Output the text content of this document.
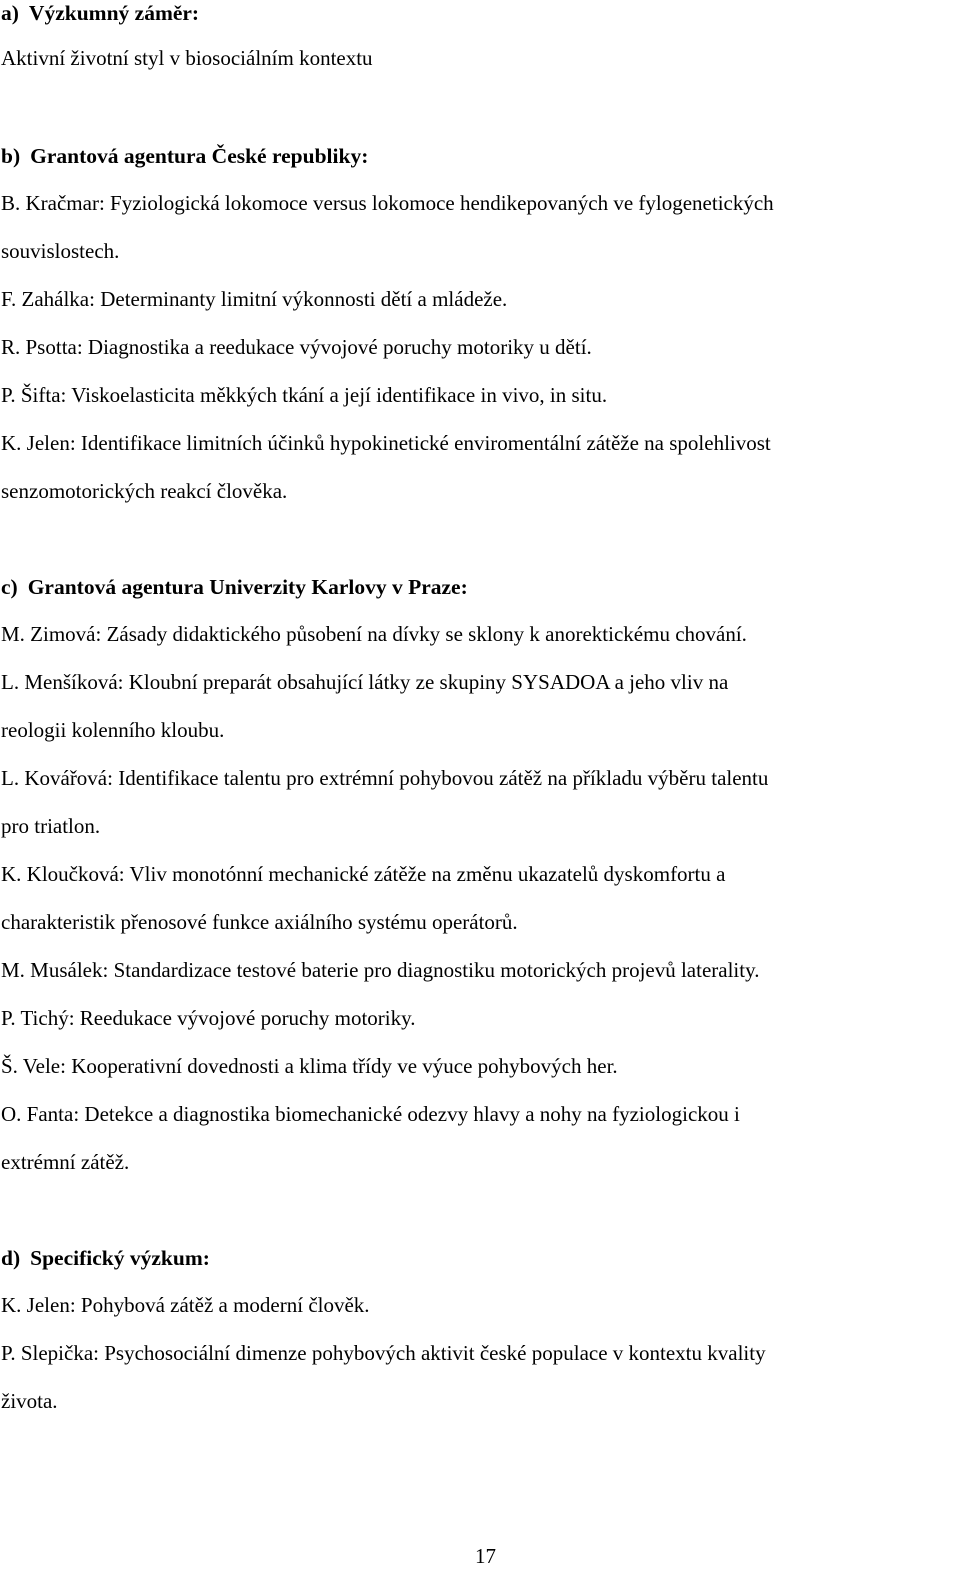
a) Výzkumný záměr:
Aktivní životní styl v biosociálním kontextu
b) Grantová agentura České republiky:
B. Kračmar: Fyziologická lokomoce versus lokomoce hendikepovaných ve fylogenetických
souvislostech.
F. Zahálka: Determinanty limitní výkonnosti dětí a mládeže.
R. Psotta: Diagnostika a reedukace vývojové poruchy motoriky u dětí.
P. Šifta: Viskoelasticita měkkých tkání a její identifikace in vivo, in situ.
K. Jelen: Identifikace limitních účinků hypokinetické enviromentální zátěže na spolehlivost
senzomotorických reakcí člověka.
c) Grantová agentura Univerzity Karlovy v Praze:
M. Zimová: Zásady didaktického působení na dívky se sklony k anorektickému chování.
L. Menšíková: Kloubní preparát obsahující látky ze skupiny SYSADOA a jeho vliv na
reologii kolenního kloubu.
L. Kovářová: Identifikace talentu pro extrémní pohybovou zátěž na příkladu výběru talentu
pro triatlon.
K. Kloučková: Vliv monotónní mechanické zátěže na změnu ukazatelů dyskomfortu a
charakteristik přenosové funkce axiálního systému operátorů.
M. Musálek: Standardizace testové baterie pro diagnostiku motorických projevů laterality.
P. Tichý: Reedukace vývojové poruchy motoriky.
Š. Vele: Kooperativní dovednosti a klima třídy ve výuce pohybových her.
O. Fanta: Detekce a diagnostika biomechanické odezvy hlavy a nohy na fyziologickou i
extrémní zátěž.
d) Specifický výzkum:
K. Jelen: Pohybová zátěž a moderní člověk.
P. Slepička: Psychosociální dimenze pohybových aktivit české populace v kontextu kvality
života.
17
